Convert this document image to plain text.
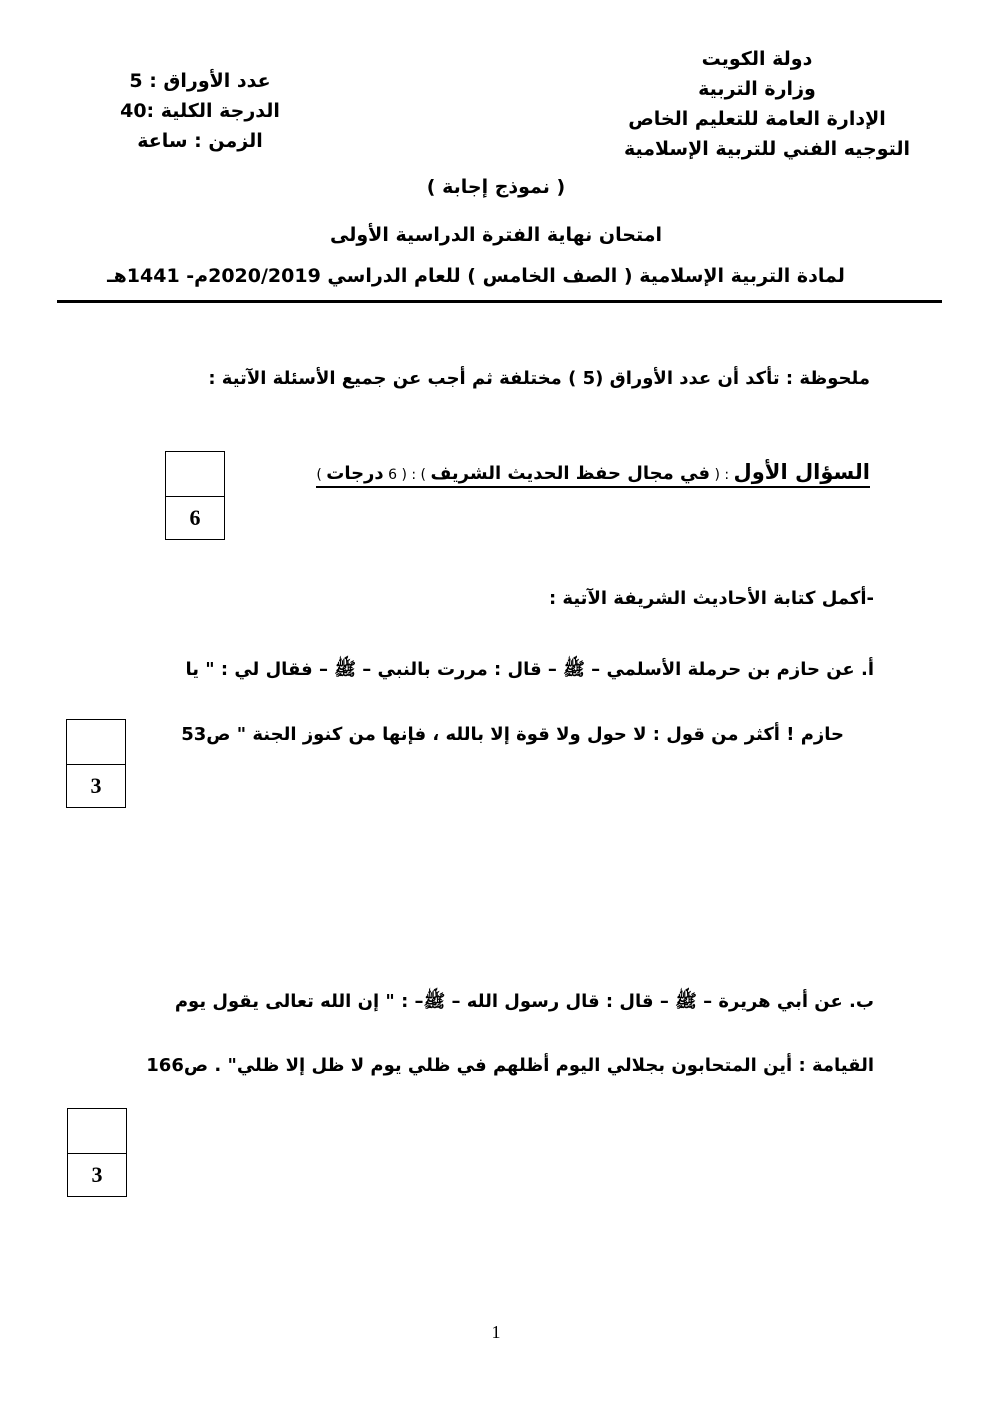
دولة الكويت
وزارة التربية
الإدارة العامة للتعليم الخاص
التوجيه الفني للتربية الإسلامية
عدد الأوراق : 5
الدرجة الكلية :40
الزمن : ساعة
( نموذج إجابة )
امتحان نهاية الفترة الدراسية الأولى
لمادة التربية الإسلامية ( الصف الخامس ) للعام الدراسي 2020/2019م- 1441هـ
ملحوظة : تأكد أن عدد الأوراق (5 ) مختلفة ثم أجب عن جميع الأسئلة الآتية :
السؤال الأول : ( في مجال حفظ الحديث الشريف ) : ( 6 درجات )
6
-أكمل كتابة الأحاديث الشريفة الآتية :
أ. عن حازم بن حرملة الأسلمي – ﷺ – قال : مررت بالنبي – ﷺ – فقال لي : " يا
حازم ! أكثر من قول : لا حول ولا قوة إلا بالله ، فإنها من كنوز الجنة " ص53
3
ب. عن أبي هريرة – ﷺ – قال : قال رسول الله – ﷺ– : " إن الله تعالى يقول يوم
القيامة : أين المتحابون بجلالي اليوم أظلهم في ظلي يوم لا ظل إلا ظلي" . ص166
3
1
